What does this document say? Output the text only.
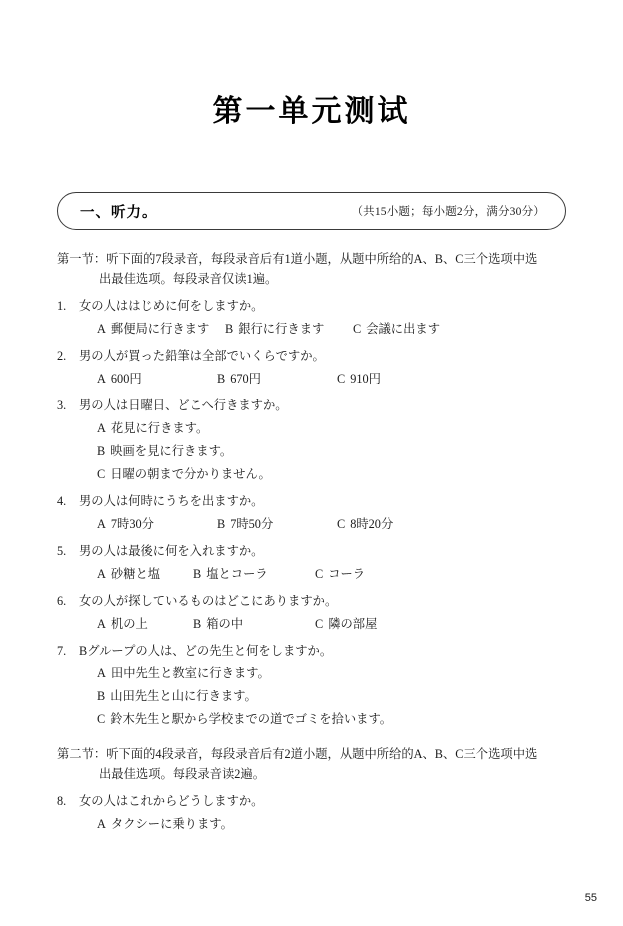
第一单元测试
一、听力。	（共15小题；每小题2分，满分30分）
第一节：听下面的7段录音，每段录音后有1道小题，从题中所给的A、B、C三个选项中选
出最佳选项。每段录音仅读1遍。
1.	女の人ははじめに何をしますか。
A 郵便局に行きます	B 銀行に行きます	C 会議に出ます
2.	男の人が買った鉛筆は全部でいくらですか。
A 600円	B 670円	C 910円
3.	男の人は日曜日、どこへ行きますか。
A 花見に行きます。
B 映画を見に行きます。
C 日曜の朝まで分かりません。
4.	男の人は何時にうちを出ますか。
A 7時30分	B 7時50分	C 8時20分
5.	男の人は最後に何を入れますか。
A 砂糖と塩	B 塩とコーラ	C コーラ
6.	女の人が探しているものはどこにありますか。
A 机の上	B 箱の中	C 隣の部屋
7.	Bグループの人は、どの先生と何をしますか。
A 田中先生と教室に行きます。
B 山田先生と山に行きます。
C 鈴木先生と駅から学校までの道でゴミを拾います。
第二节：听下面的4段录音，每段录音后有2道小题，从题中所给的A、B、C三个选项中选
出最佳选项。每段录音读2遍。
8.	女の人はこれからどうしますか。
A タクシーに乗ります。
55
